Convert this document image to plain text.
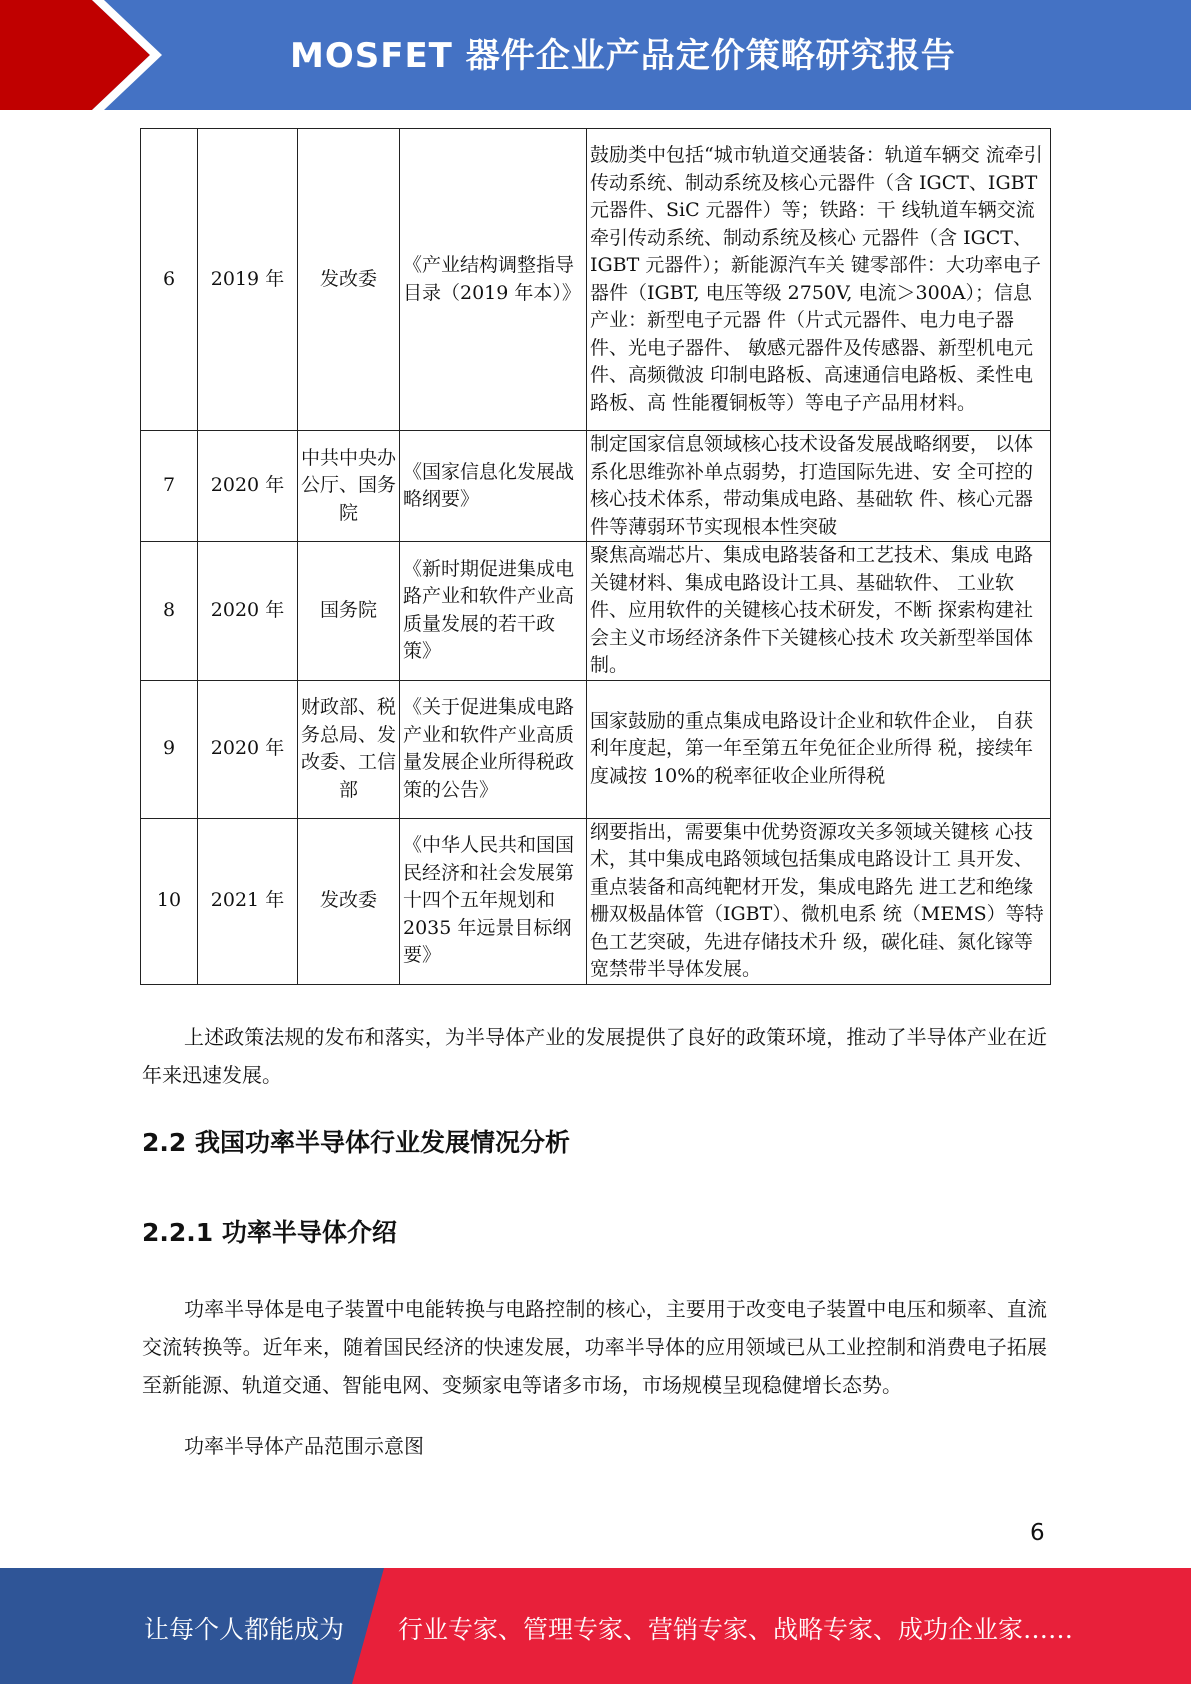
MOSFET 器件企业产品定价策略研究报告
6	2019 年	发改委	《产业结构调整指导目录（2019 年本）》	鼓励类中包括“城市轨道交通装备：轨道车辆交 流牵引传动系统、制动系统及核心元器件（含 IGCT、IGBT 元器件、SiC 元器件）等；铁路：干 线轨道车辆交流牵引传动系统、制动系统及核心 元器件（含 IGCT、IGBT 元器件）；新能源汽车关 键零部件：大功率电子器件（IGBT, 电压等级 2750V, 电流＞300A）；信息产业：新型电子元器 件（片式元器件、电力电子器件、光电子器件、 敏感元器件及传感器、新型机电元件、高频微波 印制电路板、高速通信电路板、柔性电路板、高 性能覆铜板等）等电子产品用材料。
7	2020 年	中共中央办公厅、国务院	《国家信息化发展战略纲要》	制定国家信息领域核心技术设备发展战略纲要， 以体系化思维弥补单点弱势，打造国际先进、安 全可控的核心技术体系，带动集成电路、基础软 件、核心元器件等薄弱环节实现根本性突破
8	2020 年	国务院	《新时期促进集成电路产业和软件产业高质量发展的若干政策》	聚焦高端芯片、集成电路装备和工艺技术、集成 电路关键材料、集成电路设计工具、基础软件、 工业软件、应用软件的关键核心技术研发，不断 探索构建社会主义市场经济条件下关键核心技术 攻关新型举国体制。
9	2020 年	财政部、税务总局、发改委、工信部	《关于促进集成电路产业和软件产业高质量发展企业所得税政策的公告》	国家鼓励的重点集成电路设计企业和软件企业， 自获利年度起，第一年至第五年免征企业所得 税，接续年度减按 10%的税率征收企业所得税
10	2021 年	发改委	《中华人民共和国国民经济和社会发展第十四个五年规划和 2035 年远景目标纲要》	纲要指出，需要集中优势资源攻关多领域关键核 心技术，其中集成电路领域包括集成电路设计工 具开发、重点装备和高纯靶材开发，集成电路先 进工艺和绝缘栅双极晶体管（IGBT）、微机电系 统（MEMS）等特色工艺突破，先进存储技术升 级，碳化硅、氮化镓等宽禁带半导体发展。
上述政策法规的发布和落实，为半导体产业的发展提供了良好的政策环境，推动了半导体产业在近年来迅速发展。
2.2 我国功率半导体行业发展情况分析
2.2.1 功率半导体介绍
功率半导体是电子装置中电能转换与电路控制的核心，主要用于改变电子装置中电压和频率、直流交流转换等。近年来，随着国民经济的快速发展，功率半导体的应用领域已从工业控制和消费电子拓展至新能源、轨道交通、智能电网、变频家电等诸多市场，市场规模呈现稳健增长态势。
功率半导体产品范围示意图
6
让每个人都能成为 行业专家、管理专家、营销专家、战略专家、成功企业家……
